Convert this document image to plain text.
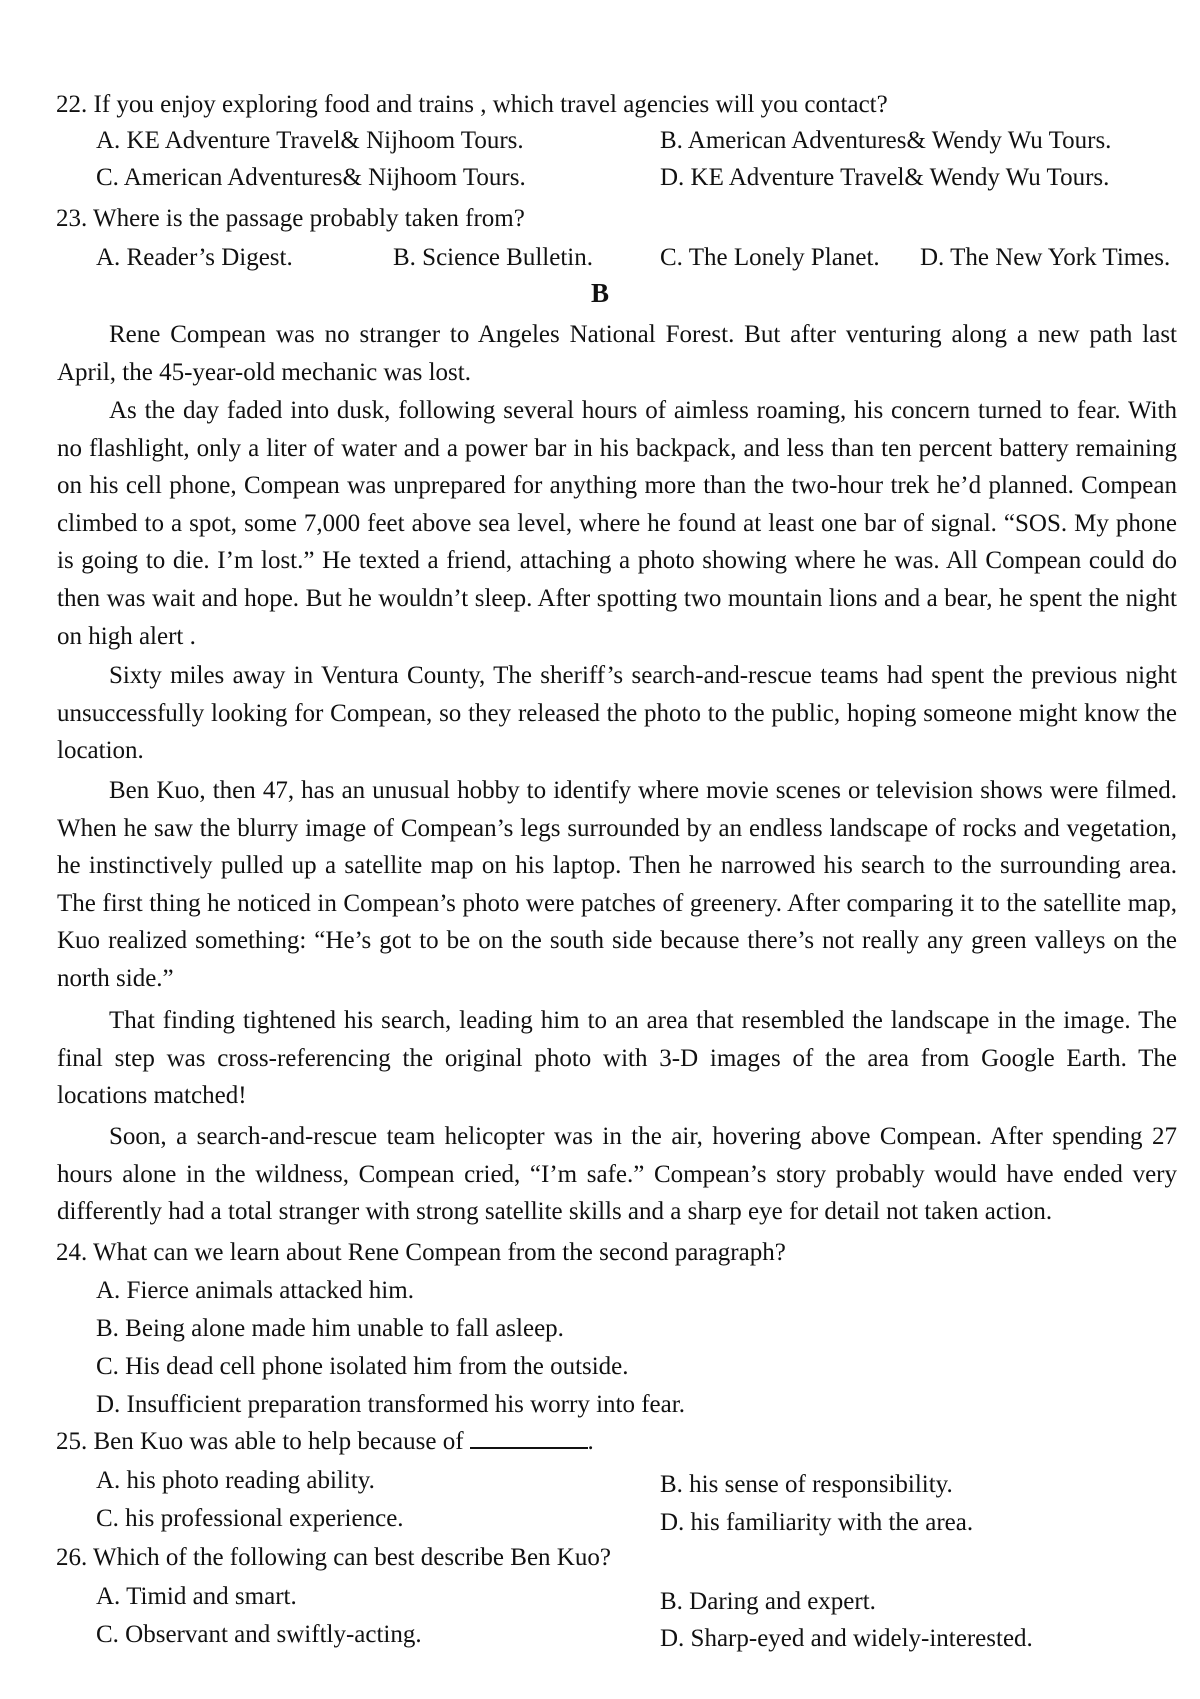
22. If you enjoy exploring food and trains , which travel agencies will you contact?
A. KE Adventure Travel& Nijhoom Tours.	B. American Adventures& Wendy Wu Tours.
C. American Adventures& Nijhoom Tours.	D. KE Adventure Travel& Wendy Wu Tours.
23. Where is the passage probably taken from?
A. Reader’s Digest.	B. Science Bulletin.	C. The Lonely Planet.	D. The New York Times.
B

Rene Compean was no stranger to Angeles National Forest. But after venturing along a new path last April, the 45-year-old mechanic was lost.

As the day faded into dusk, following several hours of aimless roaming, his concern turned to fear. With no flashlight, only a liter of water and a power bar in his backpack, and less than ten percent battery remaining on his cell phone, Compean was unprepared for anything more than the two-hour trek he’d planned. Compean climbed to a spot, some 7,000 feet above sea level, where he found at least one bar of signal. “SOS. My phone is going to die. I’m lost.” He texted a friend, attaching a photo showing where he was. All Compean could do then was wait and hope. But he wouldn’t sleep. After spotting two mountain lions and a bear, he spent the night on high alert .

Sixty miles away in Ventura County, The sheriff’s search-and-rescue teams had spent the previous night unsuccessfully looking for Compean, so they released the photo to the public, hoping someone might know the location.

Ben Kuo, then 47, has an unusual hobby to identify where movie scenes or television shows were filmed. When he saw the blurry image of Compean’s legs surrounded by an endless landscape of rocks and vegetation, he instinctively pulled up a satellite map on his laptop. Then he narrowed his search to the surrounding area. The first thing he noticed in Compean’s photo were patches of greenery. After comparing it to the satellite map, Kuo realized something: “He’s got to be on the south side because there’s not really any green valleys on the north side.”

That finding tightened his search, leading him to an area that resembled the landscape in the image. The final step was cross-referencing the original photo with 3-D images of the area from Google Earth. The locations matched!

Soon, a search-and-rescue team helicopter was in the air, hovering above Compean. After spending 27 hours alone in the wildness, Compean cried, “I’m safe.” Compean’s story probably would have ended very differently had a total stranger with strong satellite skills and a sharp eye for detail not taken action.

24. What can we learn about Rene Compean from the second paragraph?
A. Fierce animals attacked him.
B. Being alone made him unable to fall asleep.
C. His dead cell phone isolated him from the outside.
D. Insufficient preparation transformed his worry into fear.
25. Ben Kuo was able to help because of	.
A. his photo reading ability.	B. his sense of responsibility.
C. his professional experience.	D. his familiarity with the area.
26. Which of the following can best describe Ben Kuo?
A. Timid and smart.	B. Daring and expert.
C. Observant and swiftly-acting.	D. Sharp-eyed and widely-interested.
